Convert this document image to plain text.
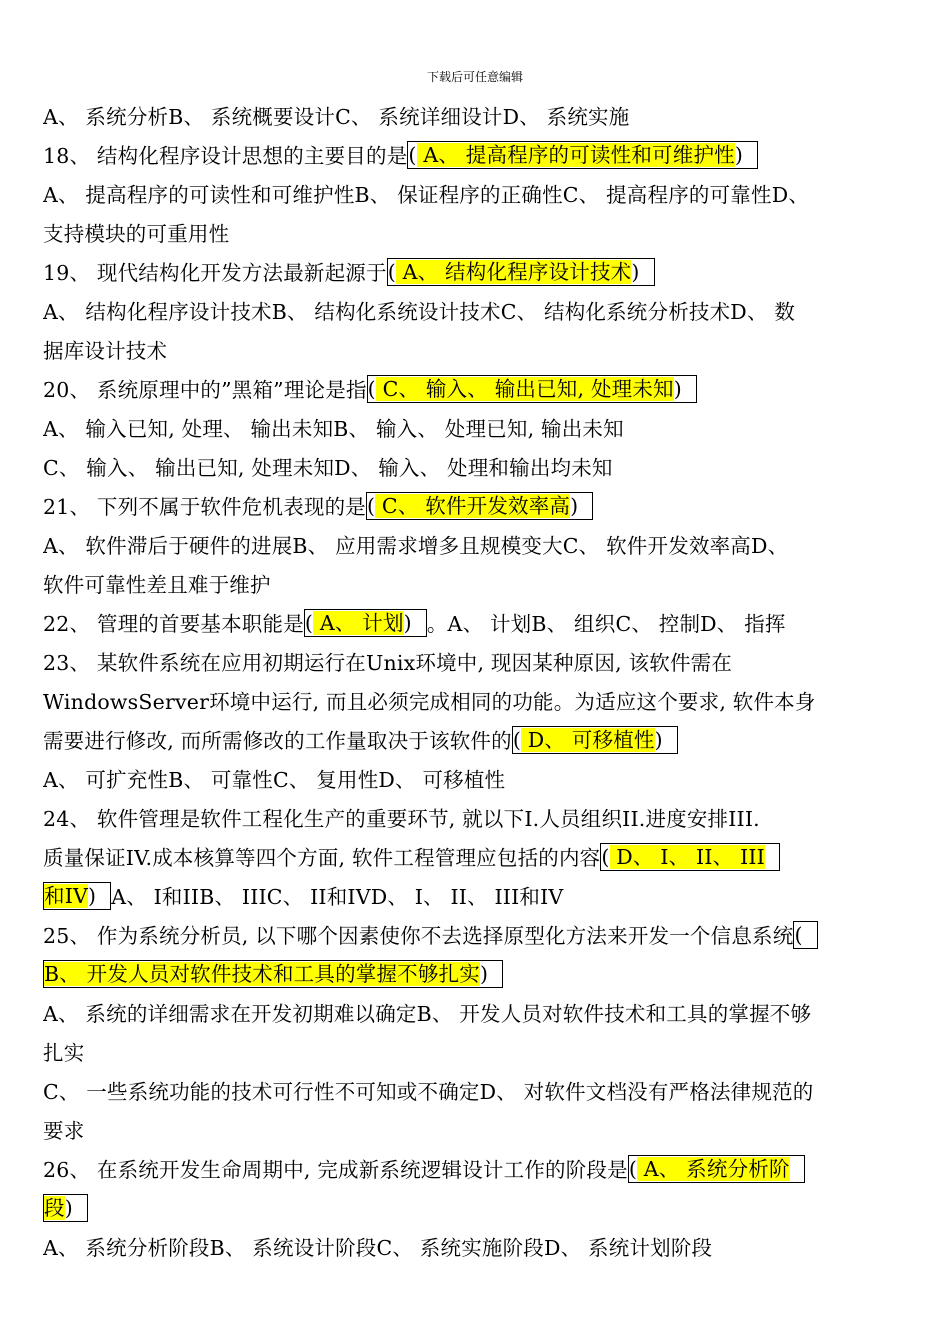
下载后可任意编辑
A、 系统分析B、 系统概要设计C、 系统详细设计D、 系统实施
18、 结构化程序设计思想的主要目的是( A、 提高程序的可读性和可维护性)
A、 提高程序的可读性和可维护性B、 保证程序的正确性C、 提高程序的可靠性D、
支持模块的可重用性
19、 现代结构化开发方法最新起源于( A、 结构化程序设计技术)
A、 结构化程序设计技术B、 结构化系统设计技术C、 结构化系统分析技术D、 数
据库设计技术
20、 系统原理中的”黑箱”理论是指( C、 输入、 输出已知, 处理未知)
A、 输入已知, 处理、 输出未知B、 输入、 处理已知, 输出未知
C、 输入、 输出已知, 处理未知D、 输入、 处理和输出均未知
21、 下列不属于软件危机表现的是( C、 软件开发效率高)
A、 软件滞后于硬件的进展B、 应用需求增多且规模变大C、 软件开发效率高D、
软件可靠性差且难于维护
22、 管理的首要基本职能是( A、 计划) 。A、 计划B、 组织C、 控制D、 指挥
23、 某软件系统在应用初期运行在Unix环境中, 现因某种原因, 该软件需在
WindowsServer环境中运行, 而且必须完成相同的功能。为适应这个要求, 软件本身
需要进行修改, 而所需修改的工作量取决于该软件的( D、 可移植性)
A、 可扩充性B、 可靠性C、 复用性D、 可移植性
24、 软件管理是软件工程化生产的重要环节, 就以下I.人员组织II.进度安排III.
质量保证IV.成本核算等四个方面, 软件工程管理应包括的内容( D、 I、 II、 III
和IV) A、 I和IIB、 IIIC、 II和IVD、 I、 II、 III和IV
25、 作为系统分析员, 以下哪个因素使你不去选择原型化方法来开发一个信息系统(
B、 开发人员对软件技术和工具的掌握不够扎实)
A、 系统的详细需求在开发初期难以确定B、 开发人员对软件技术和工具的掌握不够
扎实
C、 一些系统功能的技术可行性不可知或不确定D、 对软件文档没有严格法律规范的
要求
26、 在系统开发生命周期中, 完成新系统逻辑设计工作的阶段是( A、 系统分析阶
段)
A、 系统分析阶段B、 系统设计阶段C、 系统实施阶段D、 系统计划阶段
